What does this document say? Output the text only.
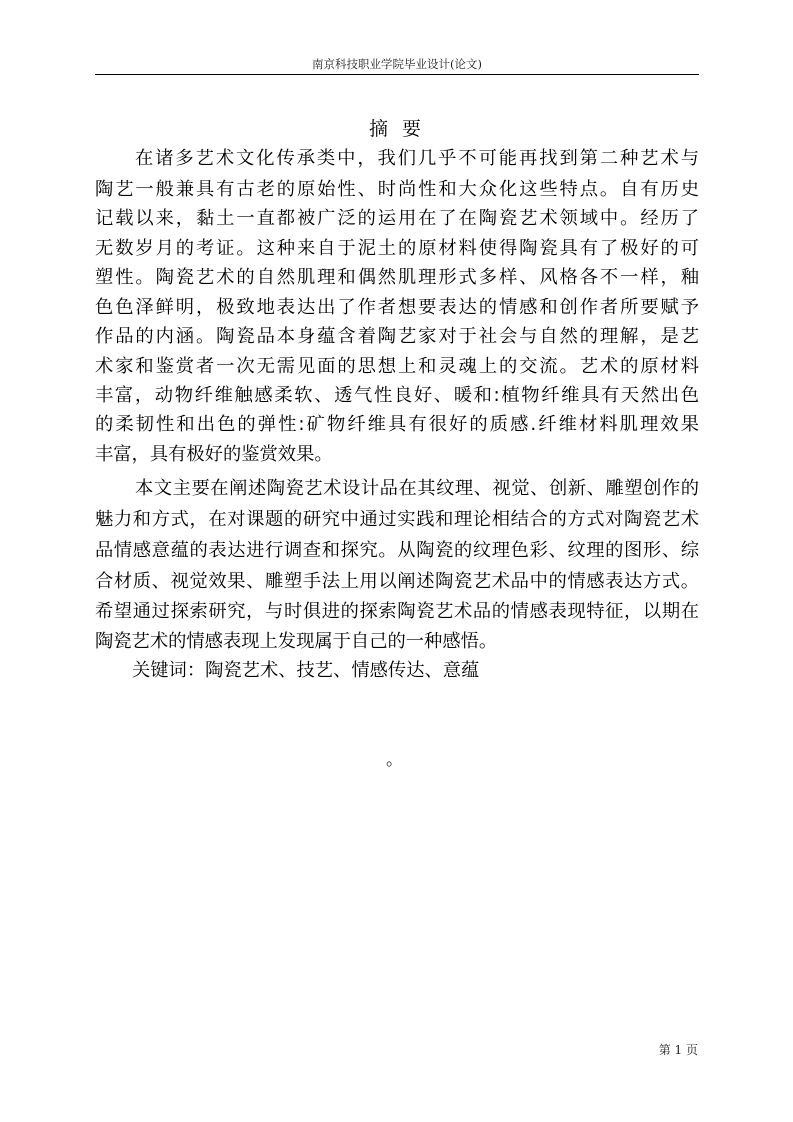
南京科技职业学院毕业设计(论文)
摘 要
在诸多艺术文化传承类中，我们几乎不可能再找到第二种艺术与
陶艺一般兼具有古老的原始性、时尚性和大众化这些特点。自有历史
记载以来，黏土一直都被广泛的运用在了在陶瓷艺术领域中。经历了
无数岁月的考证。这种来自于泥土的原材料使得陶瓷具有了极好的可
塑性。陶瓷艺术的自然肌理和偶然肌理形式多样、风格各不一样，釉
色色泽鲜明，极致地表达出了作者想要表达的情感和创作者所要赋予
作品的内涵。陶瓷品本身蕴含着陶艺家对于社会与自然的理解，是艺
术家和鉴赏者一次无需见面的思想上和灵魂上的交流。艺术的原材料
丰富，动物纤维触感柔软、透气性良好、暖和:植物纤维具有天然出色
的柔韧性和出色的弹性:矿物纤维具有很好的质感.纤维材料肌理效果
丰富，具有极好的鉴赏效果。
本文主要在阐述陶瓷艺术设计品在其纹理、视觉、创新、雕塑创作的
魅力和方式，在对课题的研究中通过实践和理论相结合的方式对陶瓷艺术
品情感意蕴的表达进行调查和探究。从陶瓷的纹理色彩、纹理的图形、综
合材质、视觉效果、雕塑手法上用以阐述陶瓷艺术品中的情感表达方式。
希望通过探索研究，与时俱进的探索陶瓷艺术品的情感表现特征，以期在
陶瓷艺术的情感表现上发现属于自己的一种感悟。
关键词：陶瓷艺术、技艺、情感传达、意蕴
。
第 1 页
